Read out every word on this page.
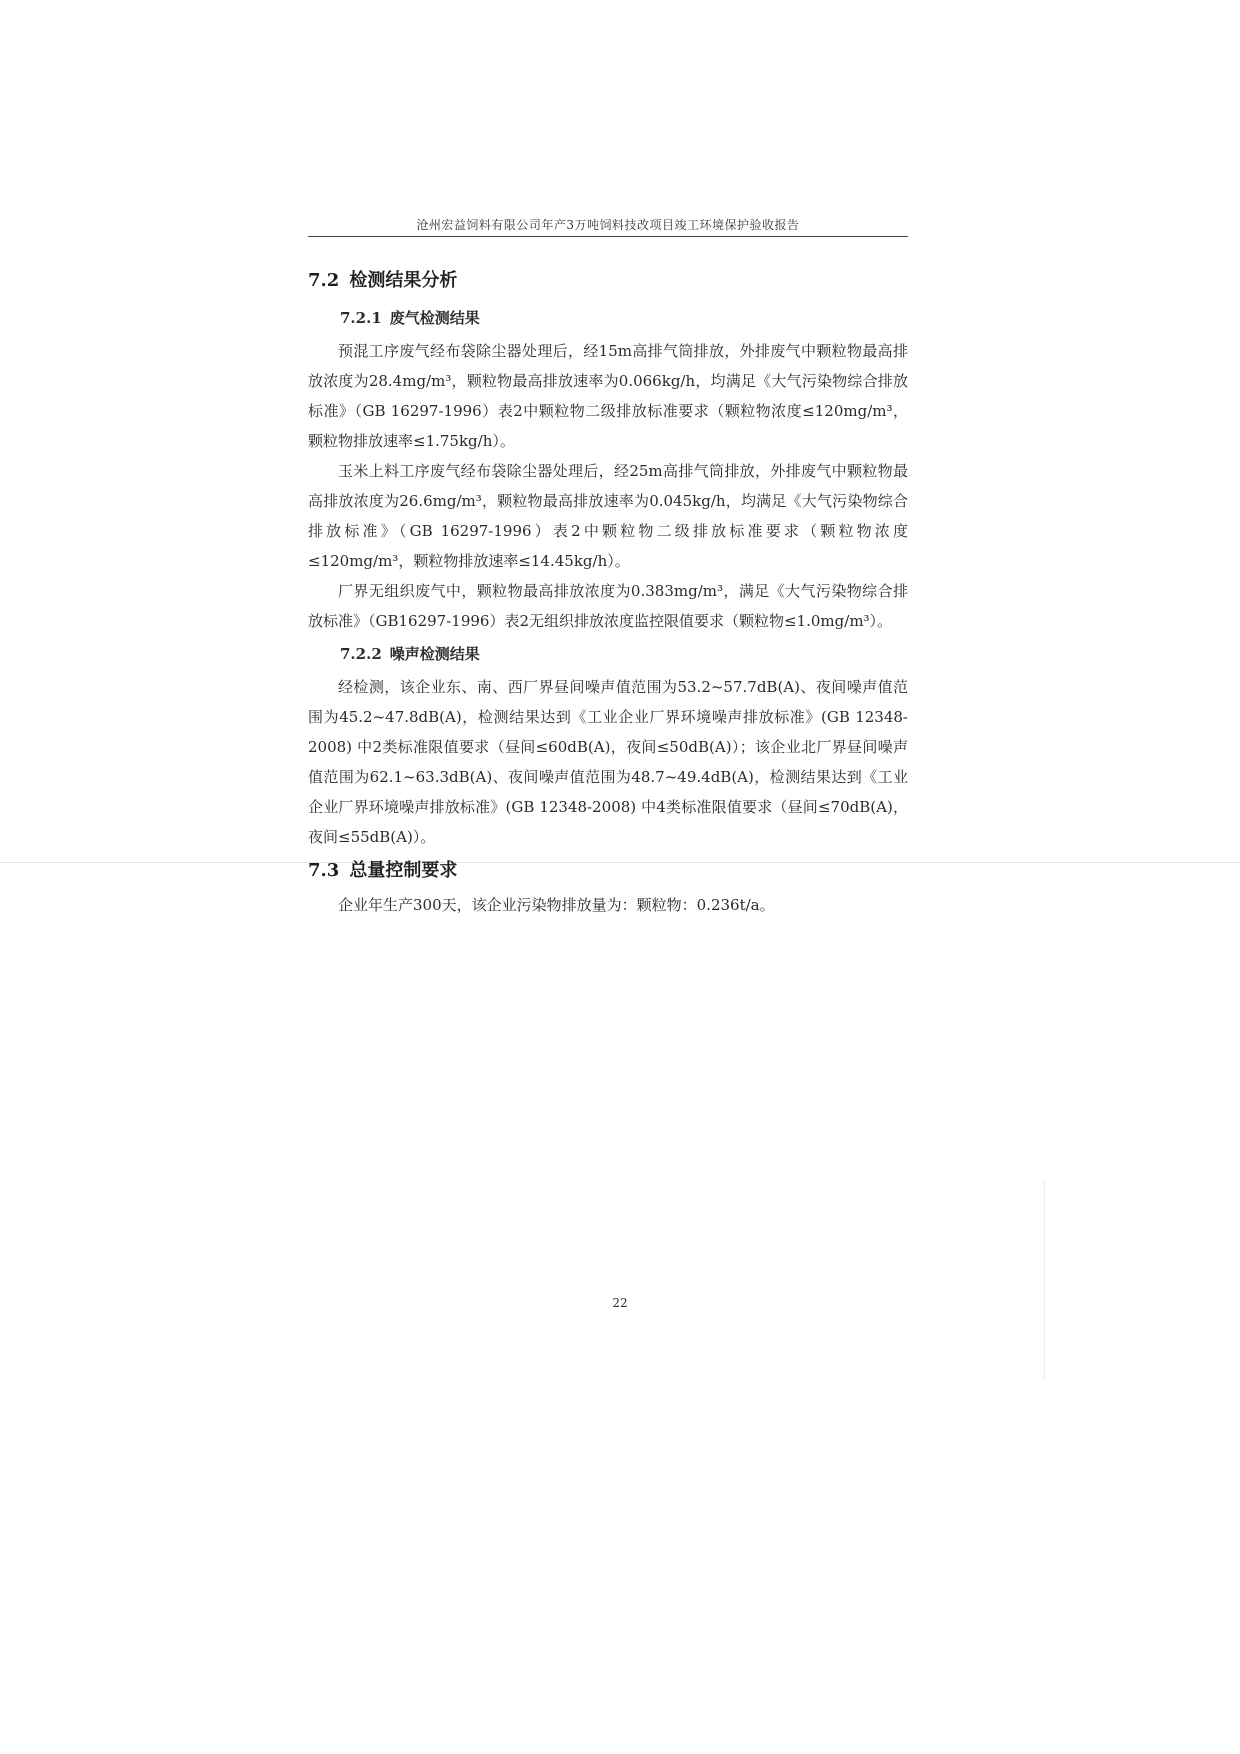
沧州宏益饲料有限公司年产3万吨饲料技改项目竣工环境保护验收报告
7.2 检测结果分析
7.2.1 废气检测结果

预混工序废气经布袋除尘器处理后，经15m高排气筒排放，外排废气中颗粒物最高排放浓度为28.4mg/m³，颗粒物最高排放速率为0.066kg/h，均满足《大气污染物综合排放标准》（GB 16297-1996）表2中颗粒物二级排放标准要求（颗粒物浓度≤120mg/m³，颗粒物排放速率≤1.75kg/h）。

玉米上料工序废气经布袋除尘器处理后，经25m高排气筒排放，外排废气中颗粒物最高排放浓度为26.6mg/m³，颗粒物最高排放速率为0.045kg/h，均满足《大气污染物综合排放标准》（GB 16297-1996）表2中颗粒物二级排放标准要求（颗粒物浓度≤120mg/m³，颗粒物排放速率≤14.45kg/h）。

厂界无组织废气中，颗粒物最高排放浓度为0.383mg/m³，满足《大气污染物综合排放标准》（GB16297-1996）表2无组织排放浓度监控限值要求（颗粒物≤1.0mg/m³）。

7.2.2 噪声检测结果

经检测，该企业东、南、西厂界昼间噪声值范围为53.2~57.7dB(A)、夜间噪声值范围为45.2~47.8dB(A)，检测结果达到《工业企业厂界环境噪声排放标准》(GB 12348-2008) 中2类标准限值要求（昼间≤60dB(A)，夜间≤50dB(A)）；该企业北厂界昼间噪声值范围为62.1~63.3dB(A)、夜间噪声值范围为48.7~49.4dB(A)，检测结果达到《工业企业厂界环境噪声排放标准》(GB 12348-2008) 中4类标准限值要求（昼间≤70dB(A)，夜间≤55dB(A)）。

7.3 总量控制要求

企业年生产300天，该企业污染物排放量为：颗粒物：0.236t/a。

22
